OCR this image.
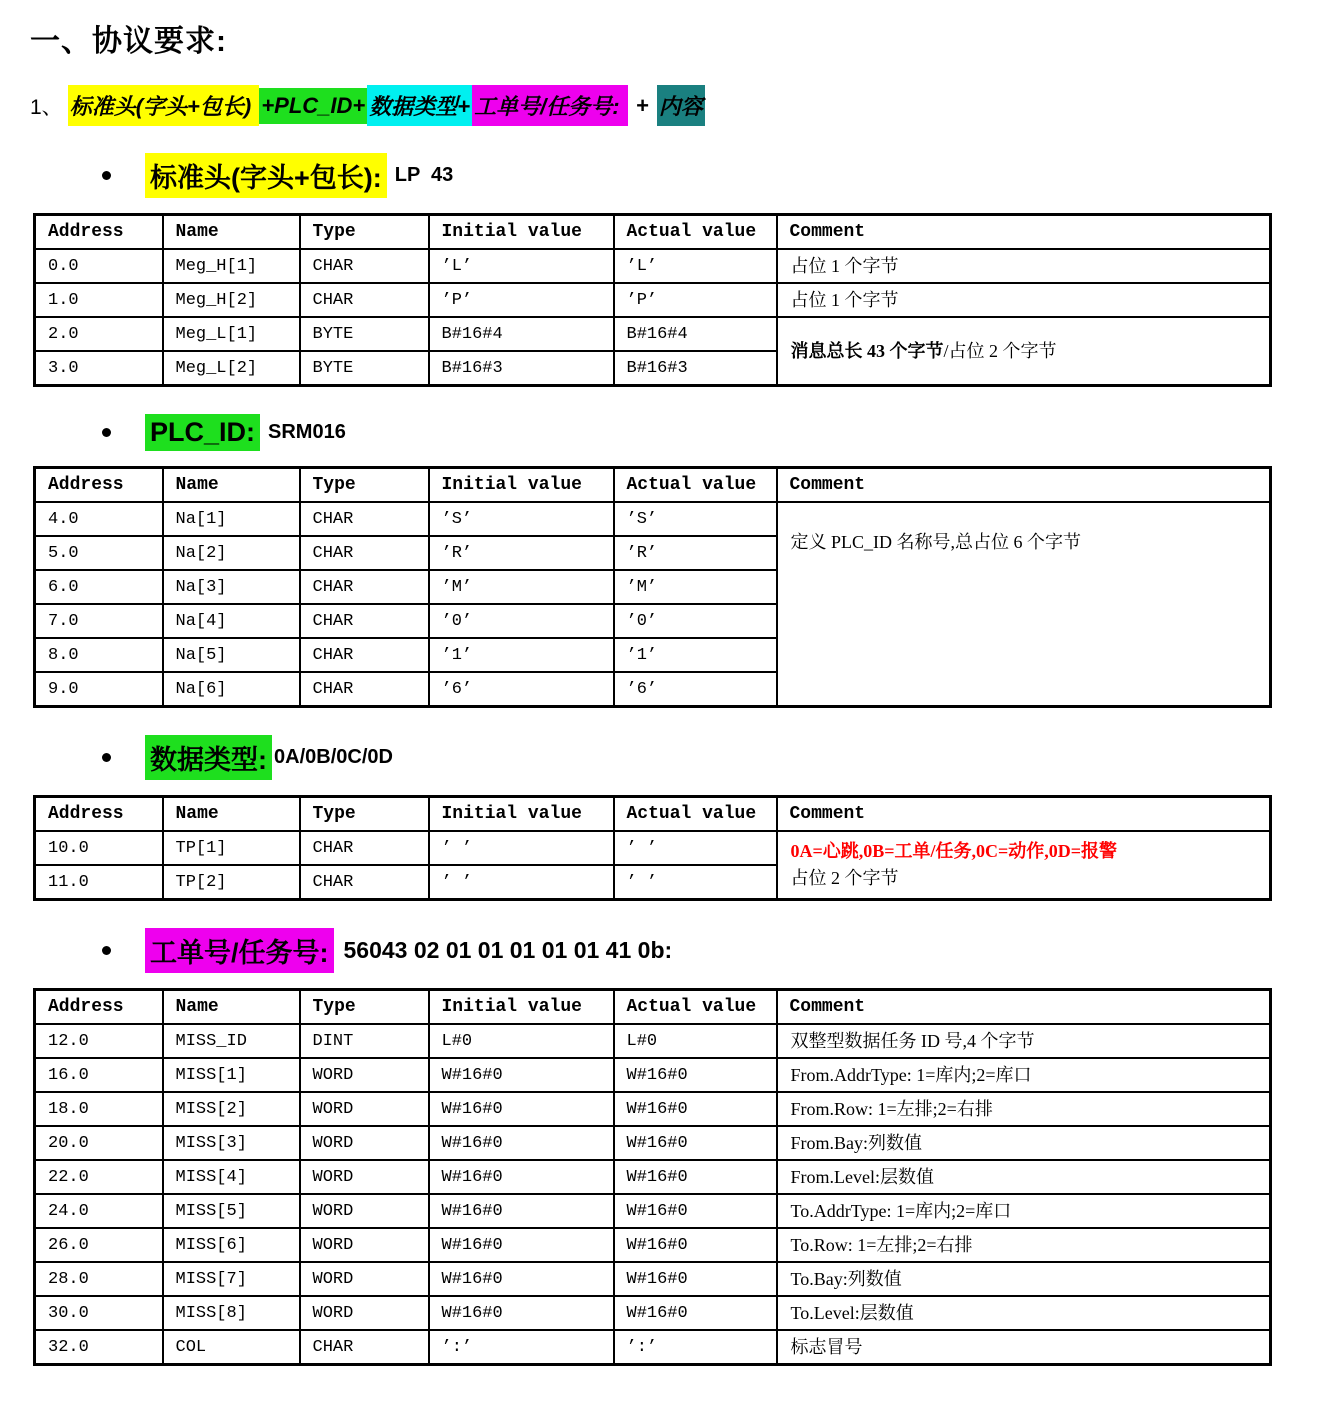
一、协议要求:
1、 标准头(字头+包长) +PLC_ID+ 数据类型+ 工单号/任务号: + 内容
标准头(字头+包长): LP  43
Address	Name	Type	Initial value	Actual value	Comment
0.0	Meg_H[1]	CHAR	’L’	’L’	占位 1 个字节

1.0	Meg_H[2]	CHAR	’P’	’P’	占位 1 个字节

2.0	Meg_L[1]	BYTE	B#16#4	B#16#4	消息总长 43 个字节/占位 2 个字节

3.0	Meg_L[2]	BYTE	B#16#3	B#16#3	
PLC_ID: SRM016
Address	Name	Type	Initial value	Actual value	Comment
4.0	Na[1]	CHAR	’S’	’S’	定义 PLC_ID 名称号,总占位 6 个字节

5.0	Na[2]	CHAR	’R’	’R’	
6.0	Na[3]	CHAR	’M’	’M’	
7.0	Na[4]	CHAR	’0’	’0’	
8.0	Na[5]	CHAR	’1’	’1’	
9.0	Na[6]	CHAR	’6’	’6’	
数据类型: 0A/0B/0C/0D
Address	Name	Type	Initial value	Actual value	Comment
10.0	TP[1]	CHAR	’ ’	’ ’	0A=心跳,0B=工单/任务,0C=动作,0D=报警
占位 2 个字节

11.0	TP[2]	CHAR	’ ’	’ ’	
工单号/任务号: 56043 02 01 01 01 01 01 41 0b:
Address	Name	Type	Initial value	Actual value	Comment
12.0	MISS_ID	DINT	L#0	L#0	双整型数据任务 ID 号,4 个字节

16.0	MISS[1]	WORD	W#16#0	W#16#0	From.AddrType: 1=库内;2=库口

18.0	MISS[2]	WORD	W#16#0	W#16#0	From.Row: 1=左排;2=右排

20.0	MISS[3]	WORD	W#16#0	W#16#0	From.Bay:列数值

22.0	MISS[4]	WORD	W#16#0	W#16#0	From.Level:层数值

24.0	MISS[5]	WORD	W#16#0	W#16#0	To.AddrType: 1=库内;2=库口

26.0	MISS[6]	WORD	W#16#0	W#16#0	To.Row: 1=左排;2=右排

28.0	MISS[7]	WORD	W#16#0	W#16#0	To.Bay:列数值

30.0	MISS[8]	WORD	W#16#0	W#16#0	To.Level:层数值

32.0	COL	CHAR	’:’	’:’	标志冒号
